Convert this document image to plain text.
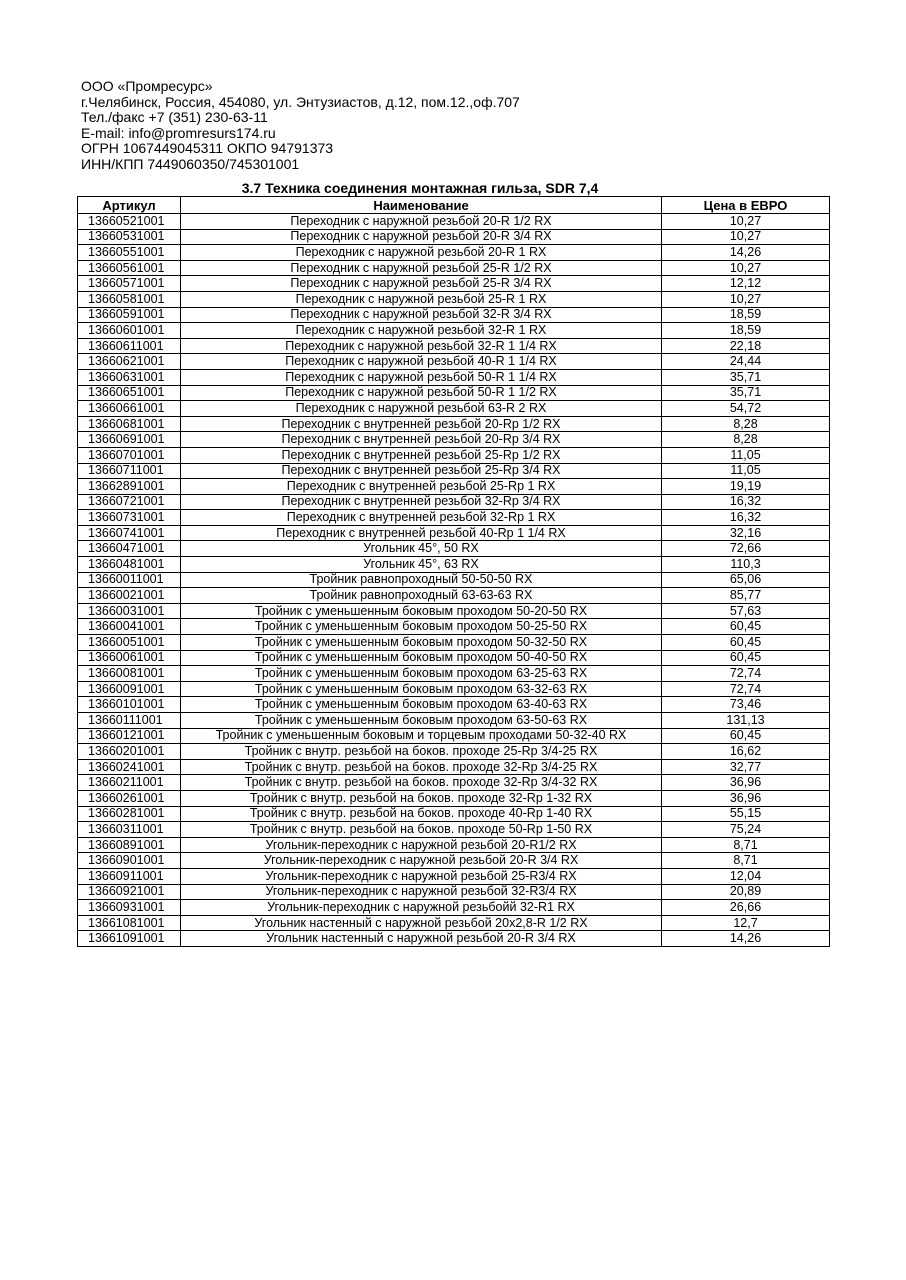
ООО «Промресурс»
г.Челябинск, Россия, 454080, ул. Энтузиастов, д.12, пом.12.,оф.707
Тел./факс +7 (351) 230-63-11
E-mail: info@promresurs174.ru
ОГРН 1067449045311 ОКПО 94791373
ИНН/КПП 7449060350/745301001
3.7 Техника соединения монтажная гильза, SDR 7,4
Артикул	Наименование	Цена в ЕВРО
13660521001	Переходник с наружной резьбой 20-R 1/2 RX	10,27
13660531001	Переходник с наружной резьбой 20-R 3/4 RX	10,27
13660551001	Переходник с наружной резьбой 20-R 1 RX	14,26
13660561001	Переходник с наружной резьбой 25-R 1/2 RX	10,27
13660571001	Переходник с наружной резьбой 25-R 3/4 RX	12,12
13660581001	Переходник с наружной резьбой 25-R 1 RX	10,27
13660591001	Переходник с наружной резьбой 32-R 3/4 RX	18,59
13660601001	Переходник с наружной резьбой 32-R 1 RX	18,59
13660611001	Переходник с наружной резьбой 32-R 1 1/4 RX	22,18
13660621001	Переходник с наружной резьбой 40-R 1 1/4 RX	24,44
13660631001	Переходник с наружной резьбой 50-R 1 1/4 RX	35,71
13660651001	Переходник с наружной резьбой 50-R 1 1/2 RX	35,71
13660661001	Переходник с наружной резьбой 63-R 2 RX	54,72
13660681001	Переходник с внутренней резьбой 20-Rp 1/2 RX	8,28
13660691001	Переходник с внутренней резьбой 20-Rp 3/4 RX	8,28
13660701001	Переходник с внутренней резьбой 25-Rp 1/2 RX	11,05
13660711001	Переходник с внутренней резьбой 25-Rp 3/4 RX	11,05
13662891001	Переходник с внутренней резьбой 25-Rp 1 RX	19,19
13660721001	Переходник с внутренней резьбой 32-Rp 3/4 RX	16,32
13660731001	Переходник с внутренней резьбой 32-Rp 1 RX	16,32
13660741001	Переходник с внутренней резьбой 40-Rp 1 1/4 RX	32,16
13660471001	Угольник 45°, 50 RX	72,66
13660481001	Угольник 45°, 63 RX	110,3
13660011001	Тройник равнопроходный 50-50-50 RX	65,06
13660021001	Тройник равнопроходный 63-63-63 RX	85,77
13660031001	Тройник с уменьшенным боковым проходом 50-20-50 RX	57,63
13660041001	Тройник с уменьшенным боковым проходом 50-25-50 RX	60,45
13660051001	Тройник с уменьшенным боковым проходом 50-32-50 RX	60,45
13660061001	Тройник с уменьшенным боковым проходом 50-40-50 RX	60,45
13660081001	Тройник с уменьшенным боковым проходом 63-25-63 RX	72,74
13660091001	Тройник с уменьшенным боковым проходом 63-32-63 RX	72,74
13660101001	Тройник с уменьшенным боковым проходом 63-40-63 RX	73,46
13660111001	Тройник с уменьшенным боковым проходом 63-50-63 RX	131,13
13660121001	Тройник с уменьшенным боковым и торцевым проходами 50-32-40 RX	60,45
13660201001	Тройник с внутр. резьбой на боков. проходе 25-Rp 3/4-25 RX	16,62
13660241001	Тройник с внутр. резьбой на боков. проходе 32-Rp 3/4-25 RX	32,77
13660211001	Тройник с внутр. резьбой на боков. проходе 32-Rp 3/4-32 RX	36,96
13660261001	Тройник с внутр. резьбой на боков. проходе 32-Rp 1-32 RX	36,96
13660281001	Тройник с внутр. резьбой на боков. проходе 40-Rp 1-40 RX	55,15
13660311001	Тройник с внутр. резьбой на боков. проходе 50-Rp 1-50 RX	75,24
13660891001	Угольник-переходник с наружной резьбой 20-R1/2 RX	8,71
13660901001	Угольник-переходник с наружной резьбой 20-R 3/4 RX	8,71
13660911001	Угольник-переходник с наружной резьбой 25-R3/4 RX	12,04
13660921001	Угольник-переходник с наружной резьбой 32-R3/4 RX	20,89
13660931001	Угольник-переходник с наружной резьбойй 32-R1 RX	26,66
13661081001	Угольник настенный с наружной резьбой 20х2,8-R 1/2 RX	12,7
13661091001	Угольник настенный с наружной резьбой 20-R 3/4 RX	14,26
